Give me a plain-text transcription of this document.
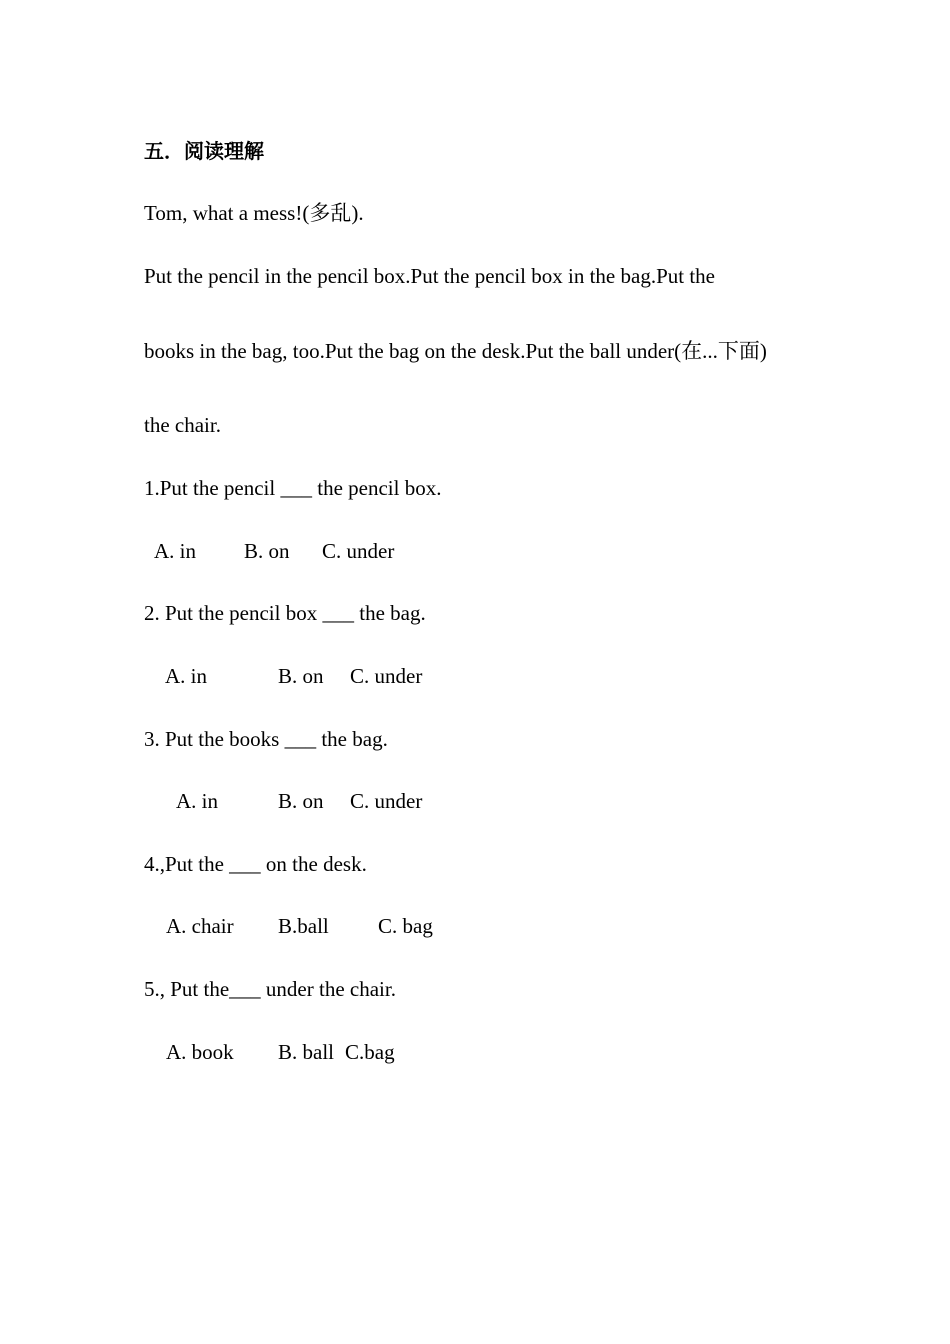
五．阅读理解
Tom, what a mess!(多乱).
Put the pencil in the pencil box.Put the pencil box in the bag.Put the
books in the bag, too.Put the bag on the desk.Put the ball under(在...下面)
the chair.
1.Put the pencil ___ the pencil box.
A. in B. on C. under
2. Put the pencil box ___ the bag.
A. in	B. on C. under
3. Put the books ___ the bag.
A. in	B. on C. under
4.,Put the ___ on the desk.
A. chair B.ball C. bag
5., Put the___ under the chair.
A. book B. ball C.bag
